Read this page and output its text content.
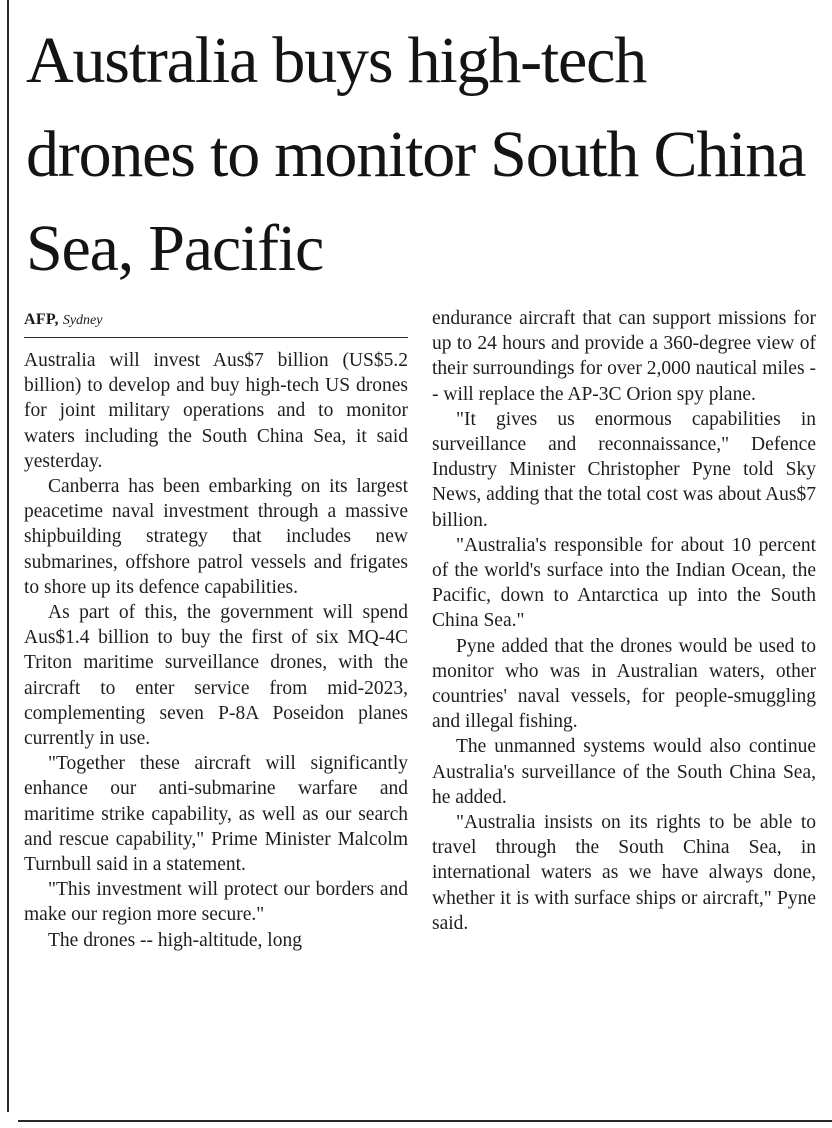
Australia buys high-tech drones to monitor South China Sea, Pacific
AFP, Sydney

Australia will invest Aus$7 billion (US$5.2 billion) to develop and buy high-tech US drones for joint military operations and to monitor waters including the South China Sea, it said yesterday.

Canberra has been embarking on its largest peacetime naval investment through a massive shipbuilding strategy that includes new submarines, offshore patrol vessels and frigates to shore up its defence capabilities.

As part of this, the government will spend Aus$1.4 billion to buy the first of six MQ-4C Triton maritime surveillance drones, with the aircraft to enter service from mid-2023, complementing seven P-8A Poseidon planes currently in use.

"Together these aircraft will significantly enhance our anti-submarine warfare and maritime strike capability, as well as our search and rescue capability," Prime Minister Malcolm Turnbull said in a statement.

"This investment will protect our borders and make our region more secure."

The drones -- high-altitude, long

endurance aircraft that can support missions for up to 24 hours and provide a 360-degree view of their surroundings for over 2,000 nautical miles -- will replace the AP-3C Orion spy plane.

"It gives us enormous capabilities in surveillance and reconnaissance," Defence Industry Minister Christopher Pyne told Sky News, adding that the total cost was about Aus$7 billion.

"Australia's responsible for about 10 percent of the world's surface into the Indian Ocean, the Pacific, down to Antarctica up into the South China Sea."

Pyne added that the drones would be used to monitor who was in Australian waters, other countries' naval vessels, for people-smuggling and illegal fishing.

The unmanned systems would also continue Australia's surveillance of the South China Sea, he added.

"Australia insists on its rights to be able to travel through the South China Sea, in international waters as we have always done, whether it is with surface ships or aircraft," Pyne said.
